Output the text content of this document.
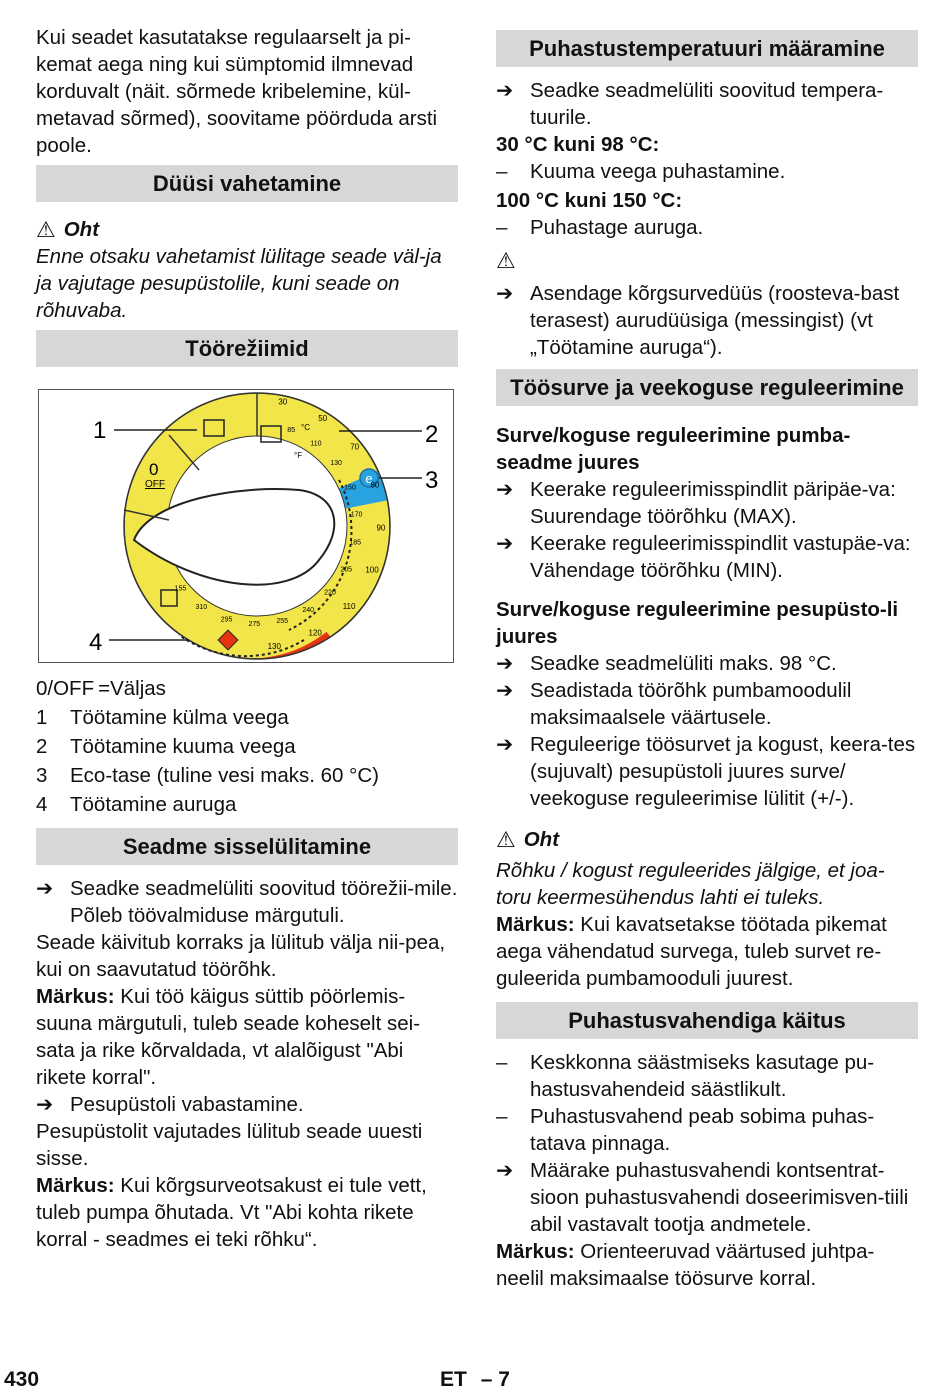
Kui seadet kasutatakse regulaarselt ja pi-kemat aega ning kui sümptomid ilmnevad korduvalt (näit. sõrmede kribelemine, kül-metavad sõrmed), soovitame pöörduda arsti poole.

Düüsi vahetamine
⚠ Oht

Enne otsaku vahetamist lülitage seade väl-ja ja vajutage pesupüstolile, kuni seade on rõhuvaba.

Töörežiimid
e
1	2
3
4
0
OFF
°C
°F
30
50
70
80
90
100
110
120
130
85
110
130
150
170
185
205
220
240
255
275
295
310
155
0/OFF =Väljas
1	Töötamine külma veega
2	Töötamine kuuma veega
3	Eco-tase (tuline vesi maks. 60 °C)
4	Töötamine auruga
Seadme sisselülitamine
➔ Seadke seadmelüliti soovitud töörežii-mile.

Põleb töövalmiduse märgutuli.

Seade käivitub korraks ja lülitub välja nii-pea, kui on saavutatud töörõhk.

Märkus: Kui töö käigus süttib pöörlemis-suuna märgutuli, tuleb seade koheselt sei-sata ja rike kõrvaldada, vt alalõigust "Abi rikete korral".

➔ Pesupüstoli vabastamine.

Pesupüstolit vajutades lülitub seade uuesti sisse.

Märkus: Kui kõrgsurveotsakust ei tule vett, tuleb pumpa õhutada. Vt "Abi kohta rikete korral - seadmes ei teki rõhku“.

Puhastustemperatuuri määramine
➔ Seadke seadmelüliti soovitud tempera-tuurile.

30 °C kuni 98 °C:

–	Kuuma veega puhastamine.

100 °C kuni 150 °C:

–	Puhastage auruga.

⚠

➔ Asendage kõrgsurvedüüs (roosteva-bast terasest) aurudüüsiga (messingist) (vt „Töötamine auruga“).
Töösurve ja veekoguse reguleerimine

Surve/koguse reguleerimine pumba-seadme juures

➔ Keerake reguleerimisspindlit päripäe-va: Suurendage töörõhku (MAX).
➔ Keerake reguleerimisspindlit vastupäe-va: Vähendage töörõhku (MIN).

Surve/koguse reguleerimine pesupüsto-li juures

➔ Seadke seadmelüliti maks. 98 °C.
➔ Seadistada töörõhk pumbamoodulil maksimaalsele väärtusele.
➔ Reguleerige töösurvet ja kogust, keera-tes (sujuvalt) pesupüstoli juures surve/ veekoguse reguleerimise lülitit (+/-).
⚠ Oht

Rõhku / kogust reguleerides jälgige, et joa-toru keermesühendus lahti ei tuleks.

Märkus: Kui kavatsetakse töötada pikemat aega vähendatud survega, tuleb survet re-guleerida pumbamooduli juurest.

Puhastusvahendiga käitus
–	Keskkonna säästmiseks kasutage pu-hastusvahendeid säästlikult.
–	Puhastusvahend peab sobima puhas-tatava pinnaga.
➔ Määrake puhastusvahendi kontsentrat-sioon puhastusvahendi doseerimisven-tiili abil vastavalt tootja andmetele.

Märkus: Orienteeruvad väärtused juhtpa-neelil maksimaalse töösurve korral.

430	ET – 7
